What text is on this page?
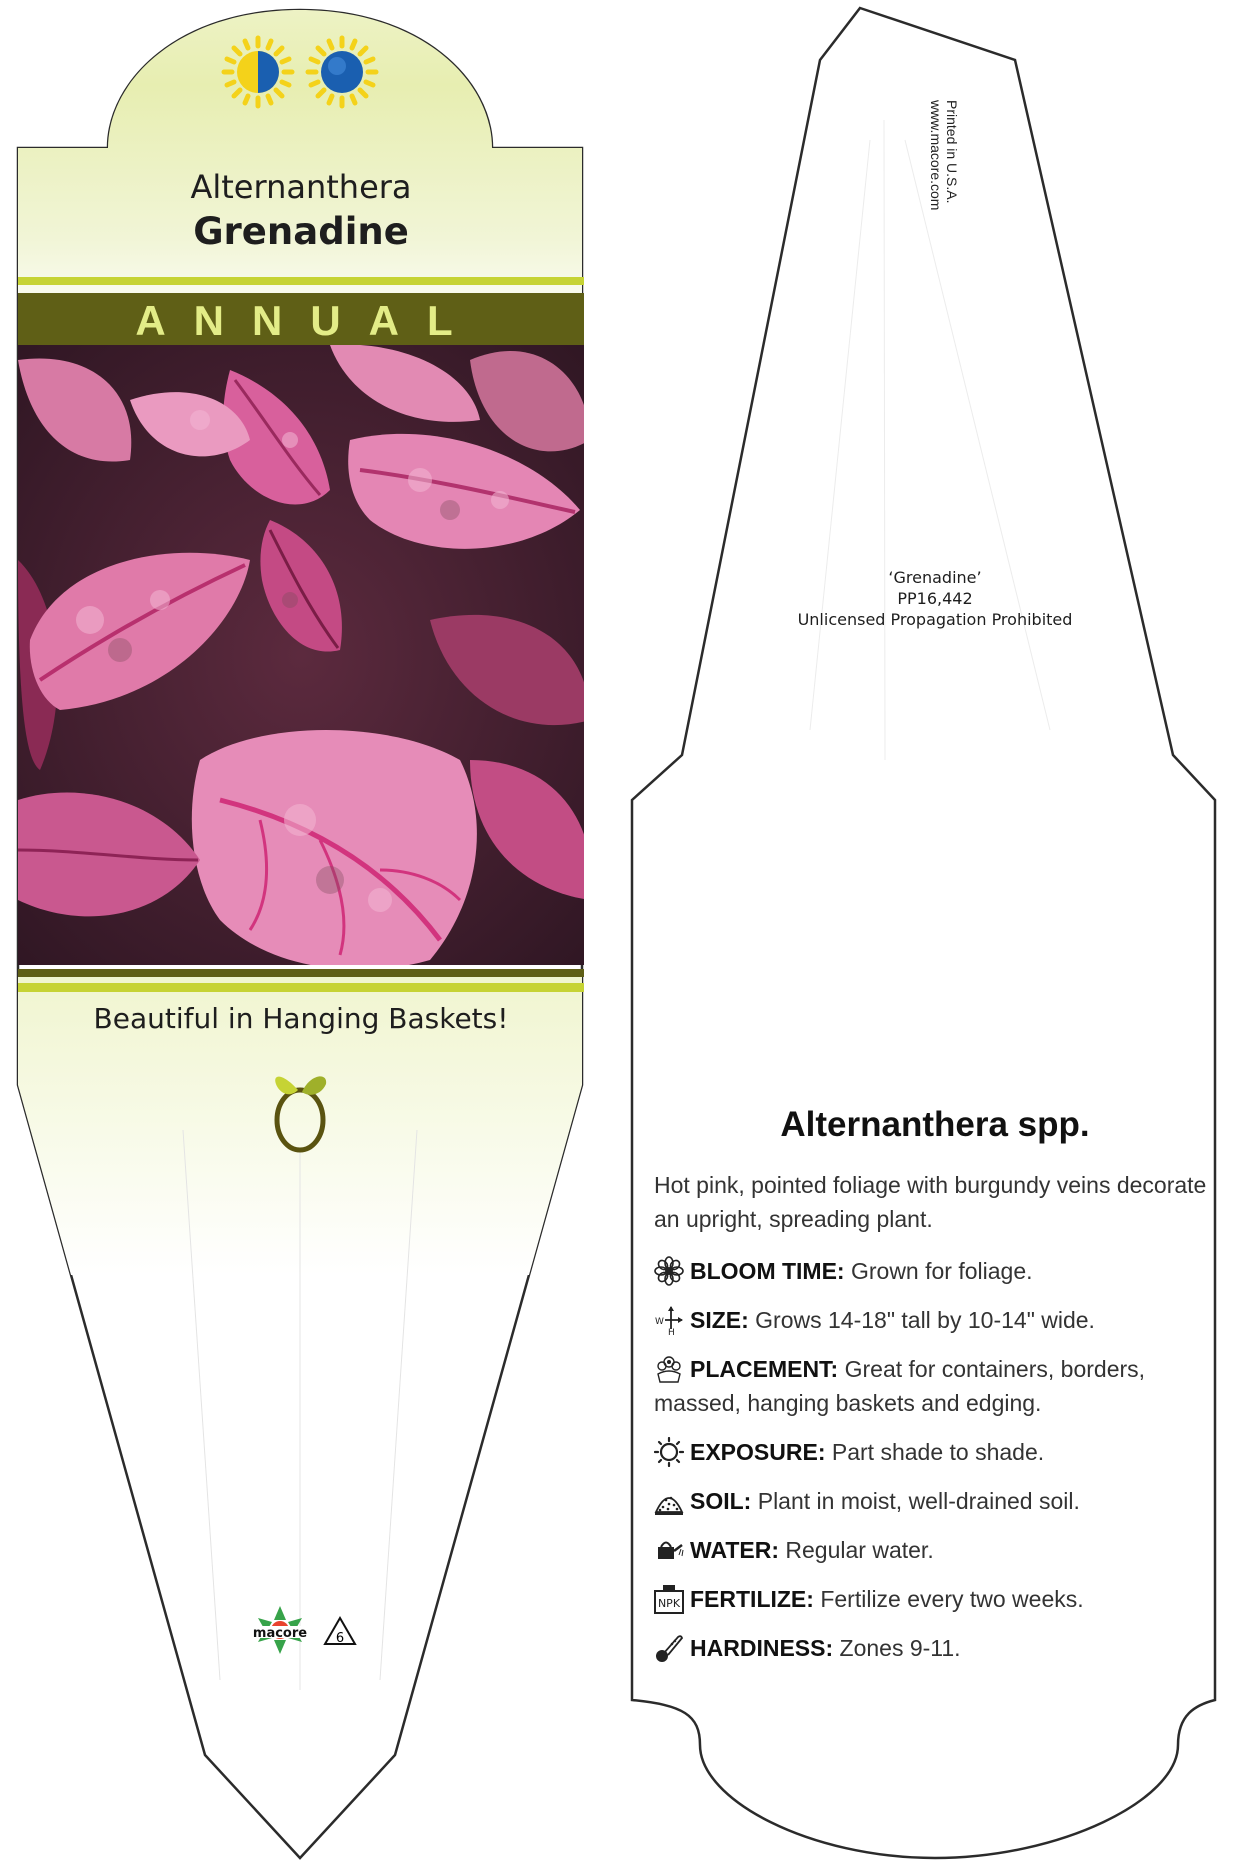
macore 6
Alternanthera
Grenadine
ANNUAL
Beautiful in Hanging Baskets!
Printed in U.S.A.
www.macore.com
‘Grenadine’
PP16,442
Unlicensed Propagation Prohibited
Alternanthera spp.
Hot pink, pointed foliage with burgundy veins decorate an upright, spreading plant.
BLOOM TIME: Grown for foliage.
W
H SIZE: Grows 14-18" tall by 10-14" wide.
PLACEMENT: Great for containers, borders, massed, hanging baskets and edging.
EXPOSURE: Part shade to shade.
SOIL: Plant in moist, well-drained soil.
WATER: Regular water.
NPK FERTILIZE: Fertilize every two weeks.
HARDINESS: Zones 9-11.
